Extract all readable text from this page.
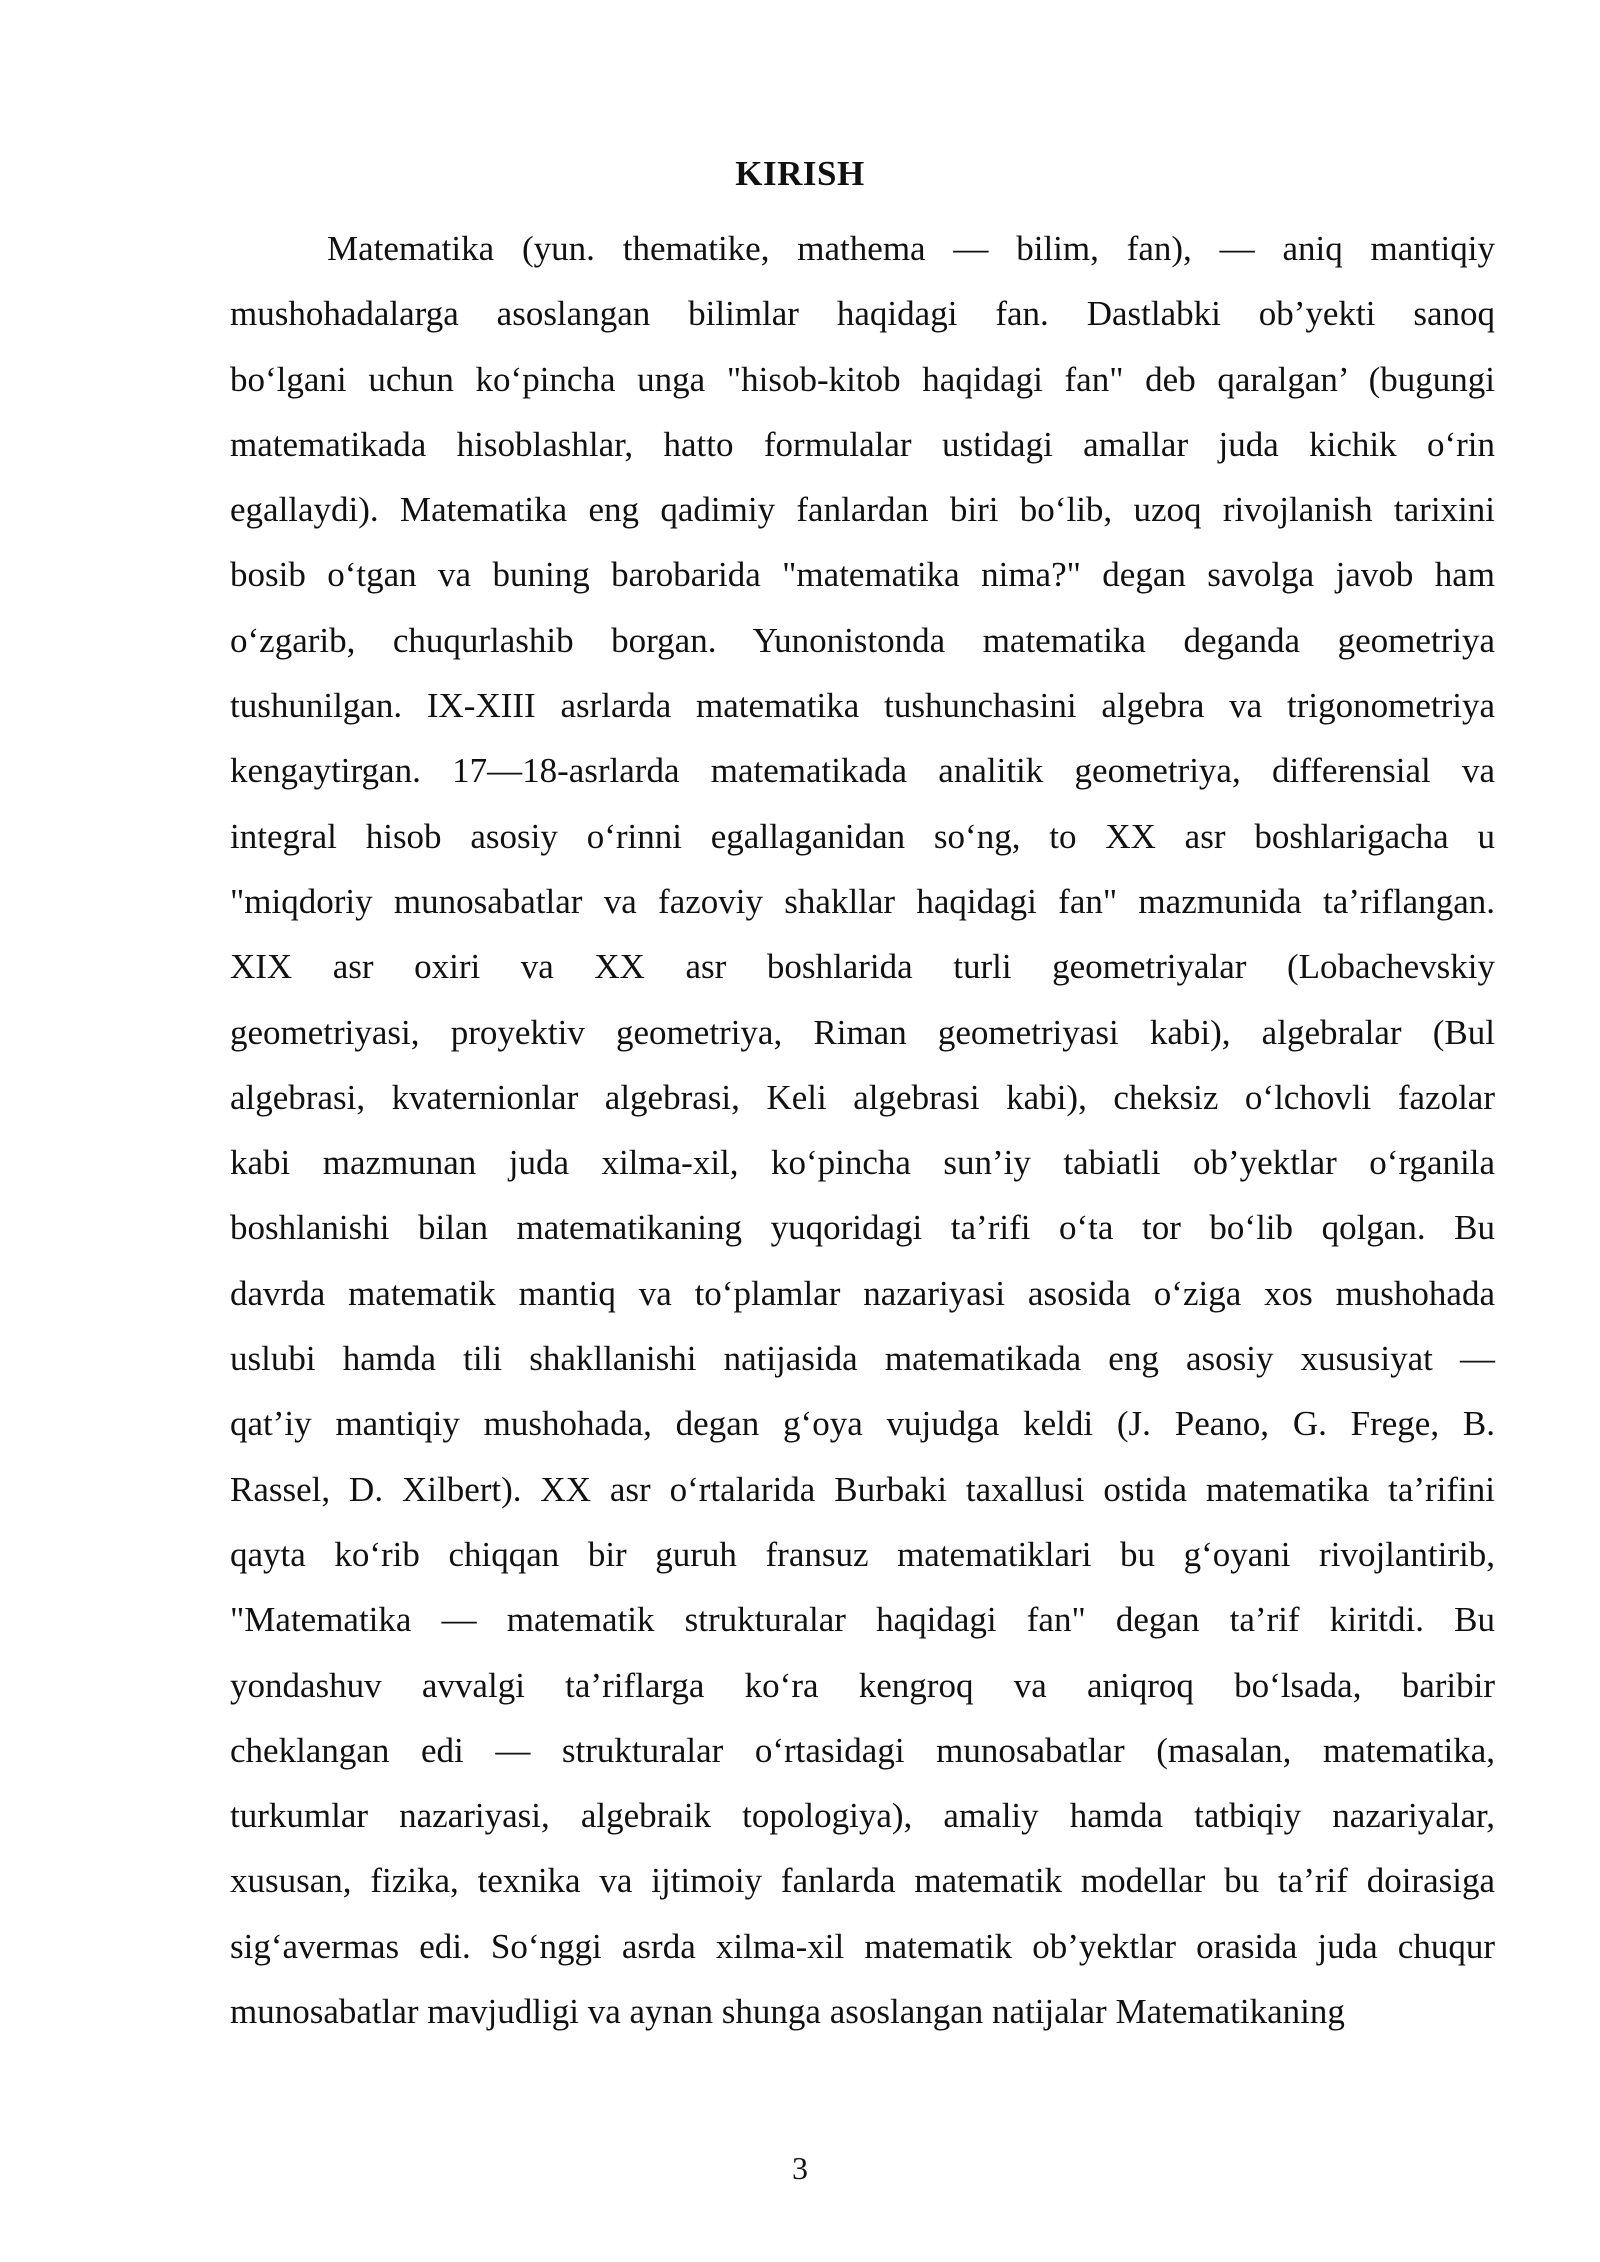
KIRISH
Matematika (yun. thematike, mathema — bilim, fan), — aniq mantiqiy
mushohadalarga asoslangan bilimlar haqidagi fan. Dastlabki ob’yekti sanoq
bo‘lgani uchun ko‘pincha unga "hisob-kitob haqidagi fan" deb qaralgan’ (bugungi
matematikada hisoblashlar, hatto formulalar ustidagi amallar juda kichik o‘rin
egallaydi). Matematika eng qadimiy fanlardan biri bo‘lib, uzoq rivojlanish tarixini
bosib o‘tgan va buning barobarida "matematika nima?" degan savolga javob ham
o‘zgarib, chuqurlashib borgan. Yunonistonda matematika deganda geometriya
tushunilgan. IX-XIII asrlarda matematika tushunchasini algebra va trigonometriya
kengaytirgan. 17—18-asrlarda matematikada analitik geometriya, differensial va
integral hisob asosiy o‘rinni egallaganidan so‘ng, to XX asr boshlarigacha u
"miqdoriy munosabatlar va fazoviy shakllar haqidagi fan" mazmunida ta’riflangan.
XIX asr oxiri va XX asr boshlarida turli geometriyalar (Lobachevskiy
geometriyasi, proyektiv geometriya, Riman geometriyasi kabi), algebralar (Bul
algebrasi, kvaternionlar algebrasi, Keli algebrasi kabi), cheksiz o‘lchovli fazolar
kabi mazmunan juda xilma-xil, ko‘pincha sun’iy tabiatli ob’yektlar o‘rganila
boshlanishi bilan matematikaning yuqoridagi ta’rifi o‘ta tor bo‘lib qolgan. Bu
davrda matematik mantiq va to‘plamlar nazariyasi asosida o‘ziga xos mushohada
uslubi hamda tili shakllanishi natijasida matematikada eng asosiy xususiyat —
qat’iy mantiqiy mushohada, degan g‘oya vujudga keldi (J. Peano, G. Frege, B.
Rassel, D. Xilbert). XX asr o‘rtalarida Burbaki taxallusi ostida matematika ta’rifini
qayta ko‘rib chiqqan bir guruh fransuz matematiklari bu g‘oyani rivojlantirib,
"Matematika — matematik strukturalar haqidagi fan" degan ta’rif kiritdi. Bu
yondashuv avvalgi ta’riflarga ko‘ra kengroq va aniqroq bo‘lsada, baribir
cheklangan edi — strukturalar o‘rtasidagi munosabatlar (masalan, matematika,
turkumlar nazariyasi, algebraik topologiya), amaliy hamda tatbiqiy nazariyalar,
xususan, fizika, texnika va ijtimoiy fanlarda matematik modellar bu ta’rif doirasiga
sig‘avermas edi. So‘nggi asrda xilma-xil matematik ob’yektlar orasida juda chuqur
munosabatlar mavjudligi va aynan shunga asoslangan natijalar Matematikaning
3
